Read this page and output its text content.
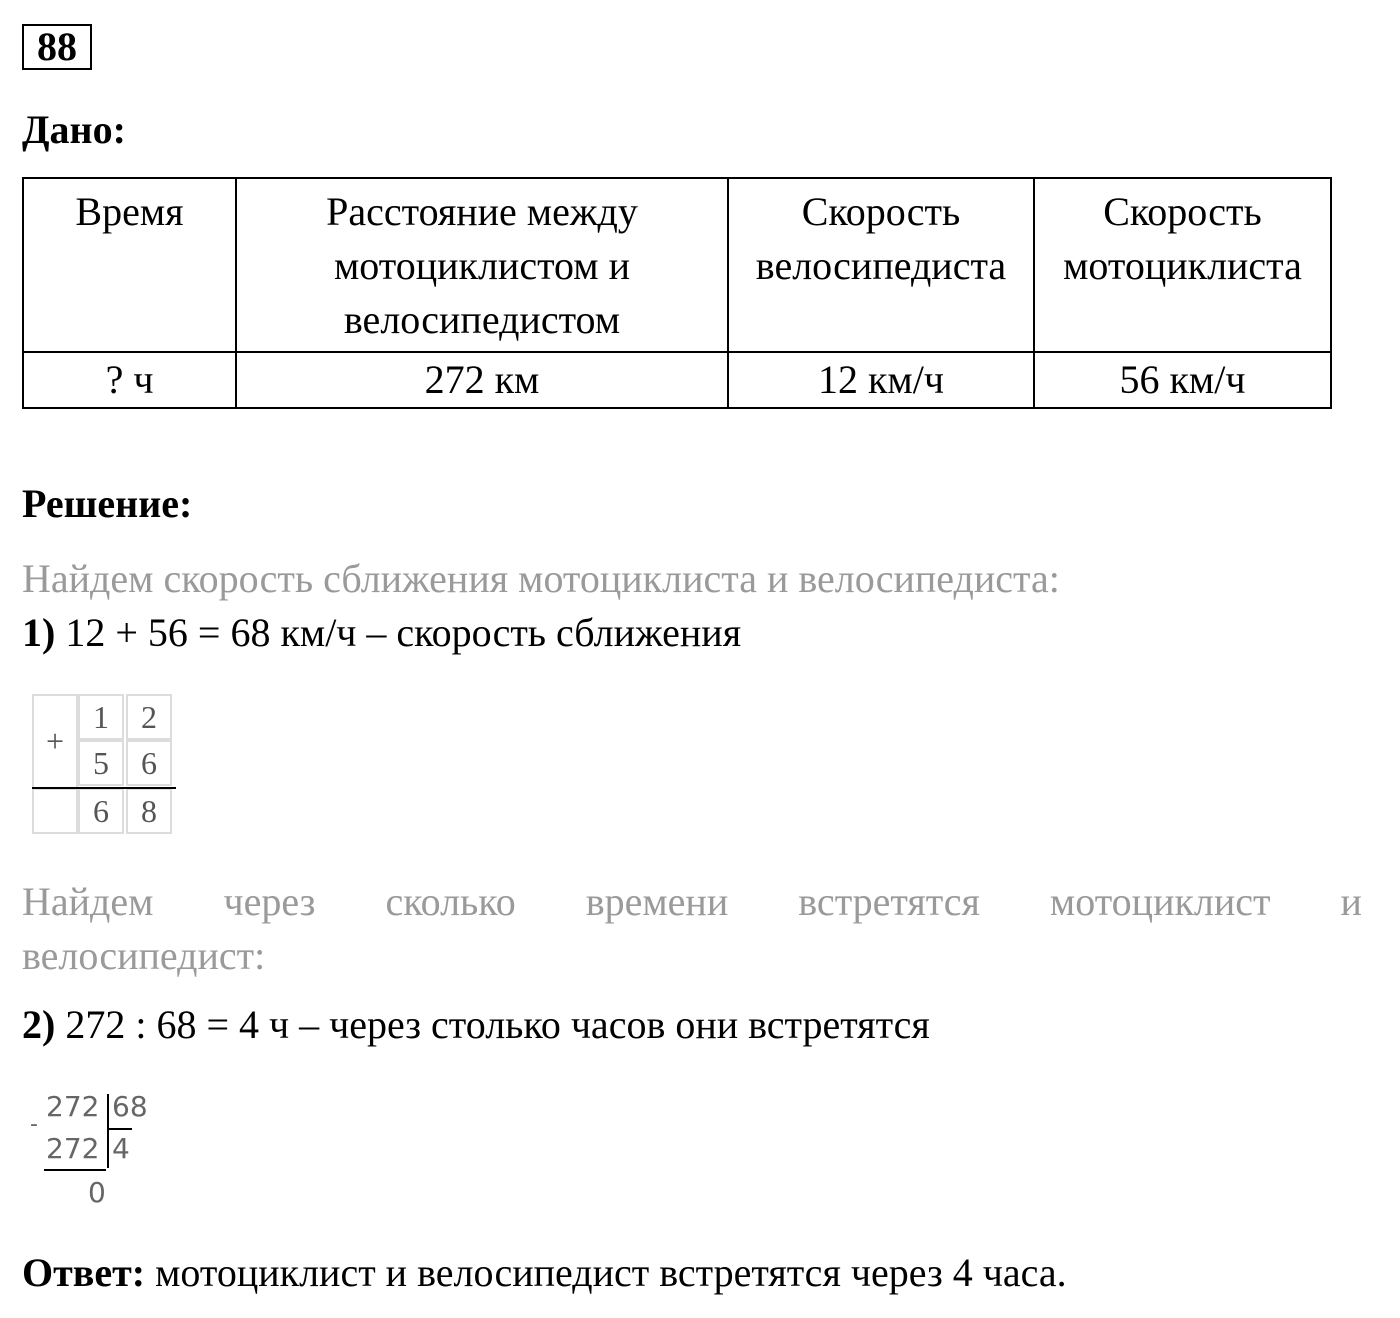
88
Дано:
Время	Расстояние между мотоциклистом и велосипедистом	Скорость велосипедиста	Скорость мотоциклиста
? ч	272 км	12 км/ч	56 км/ч
Решение:
Найдем скорость сближения мотоциклиста и велосипедиста:
1) 12 + 56 = 68 км/ч – скорость сближения
+
1	2
5	6
6	8
Найдем через сколько времени встретятся мотоциклист и
велосипедист:
2) 272 : 68 = 4 ч – через столько часов они встретятся
272 68
-
272 4
0
Ответ: мотоциклист и велосипедист встретятся через 4 часа.
